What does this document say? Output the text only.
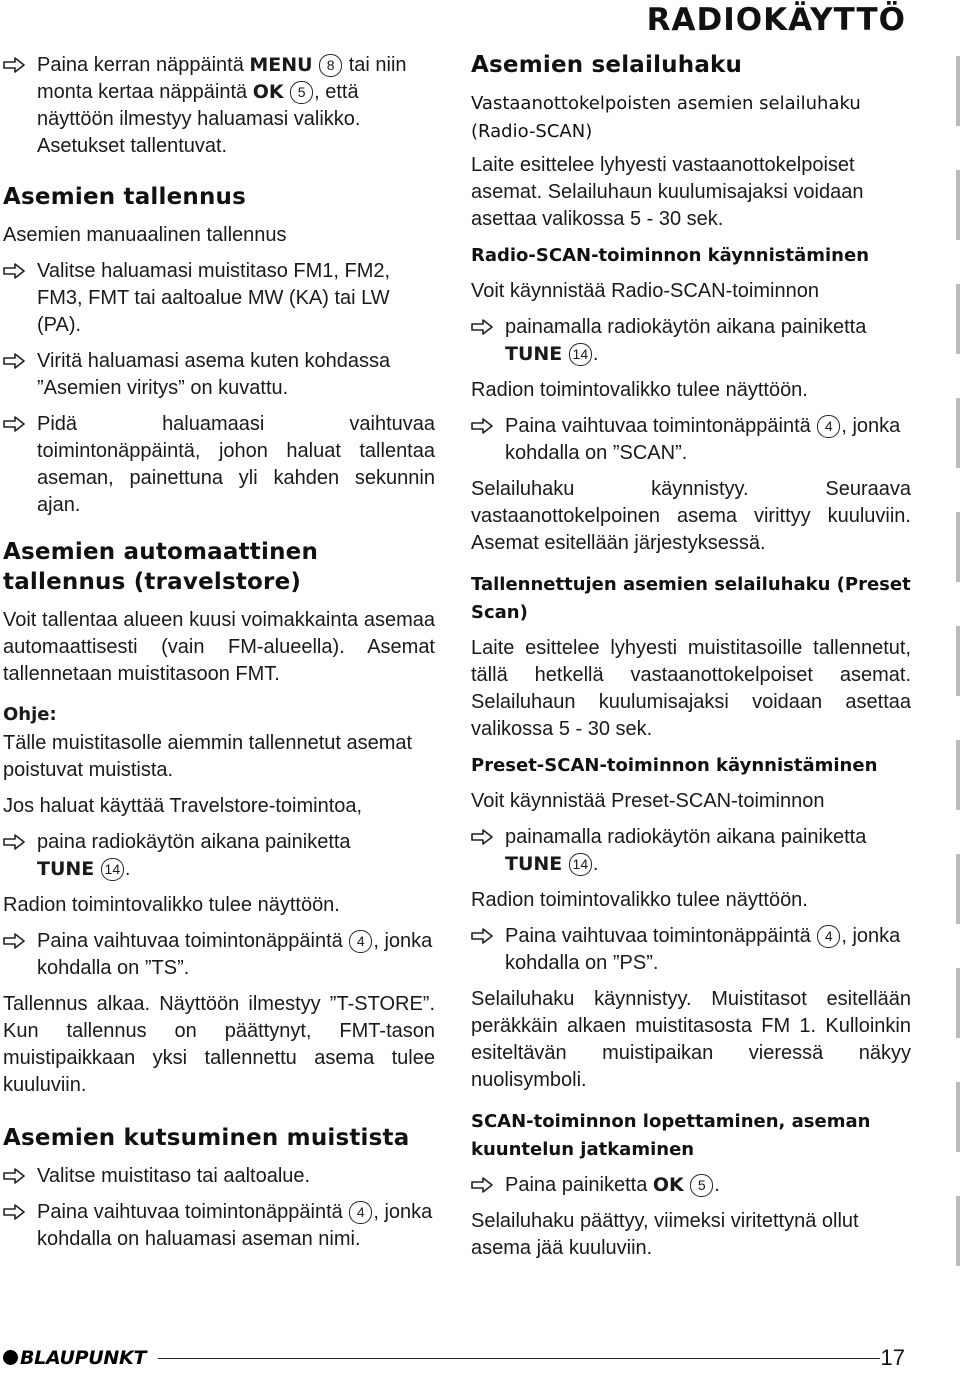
RADIOKÄYTTÖ
Paina kerran näppäintä MENU 8 tai niin monta kertaa näppäintä OK 5 , että näyttöön ilmestyy haluamasi valikko. Asetukset tallentuvat.
Asemien tallennus
Asemien manuaalinen tallennus
Valitse haluamasi muistitaso FM1, FM2, FM3, FMT tai aaltoalue MW (KA) tai LW (PA).
Viritä haluamasi asema kuten kohdassa ”Asemien viritys” on kuvattu.
Pidä haluamaasi vaihtuvaa toimintonäppäintä, johon haluat tallentaa aseman, painettuna yli kahden sekunnin ajan.
Asemien automaattinen tallennus (travelstore)
Voit tallentaa alueen kuusi voimakkainta asemaa automaattisesti (vain FM-alueella). Asemat tallennetaan muistitasoon FMT.
Ohje:
Tälle muistitasolle aiemmin tallennetut asemat poistuvat muistista.
Jos haluat käyttää Travelstore-toimintoa,
paina radiokäytön aikana painiketta
TUNE 14 .
Radion toimintovalikko tulee näyttöön.
Paina vaihtuvaa toimintonäppäintä 4 , jonka kohdalla on ”TS”.
Tallennus alkaa. Näyttöön ilmestyy ”T-STORE”. Kun tallennus on päättynyt, FMT-tason muistipaikkaan yksi tallennettu asema tulee kuuluviin.
Asemien kutsuminen muistista
Valitse muistitaso tai aaltoalue.
Paina vaihtuvaa toimintonäppäintä 4 , jonka kohdalla on haluamasi aseman nimi.
Asemien selailuhaku
Vastaanottokelpoisten asemien selailuhaku (Radio-SCAN)
Laite esittelee lyhyesti vastaanottokelpoiset asemat. Selailuhaun kuulumisajaksi voidaan asettaa valikossa 5 - 30 sek.
Radio-SCAN-toiminnon käynnistäminen
Voit käynnistää Radio-SCAN-toiminnon
painamalla radiokäytön aikana painiketta TUNE 14 .
Radion toimintovalikko tulee näyttöön.
Paina vaihtuvaa toimintonäppäintä 4 , jonka kohdalla on ”SCAN”.
Selailuhaku käynnistyy. Seuraava vastaanottokelpoinen asema virittyy kuuluviin. Asemat esitellään järjestyksessä.
Tallennettujen asemien selailuhaku (Preset Scan)
Laite esittelee lyhyesti muistitasoille tallennetut, tällä hetkellä vastaanottokelpoiset asemat. Selailuhaun kuulumisajaksi voidaan asettaa valikossa 5 - 30 sek.
Preset-SCAN-toiminnon käynnistäminen
Voit käynnistää Preset-SCAN-toiminnon
painamalla radiokäytön aikana painiketta TUNE 14 .
Radion toimintovalikko tulee näyttöön.
Paina vaihtuvaa toimintonäppäintä 4 , jonka kohdalla on ”PS”.
Selailuhaku käynnistyy. Muistitasot esitellään peräkkäin alkaen muistitasosta FM 1. Kulloinkin esiteltävän muistipaikan vieressä näkyy nuolisymboli.
SCAN-toiminnon lopettaminen, aseman kuuntelun jatkaminen
Paina painiketta OK 5 .
Selailuhaku päättyy, viimeksi viritettynä ollut asema jää kuuluviin.
BLAUPUNKT	17
